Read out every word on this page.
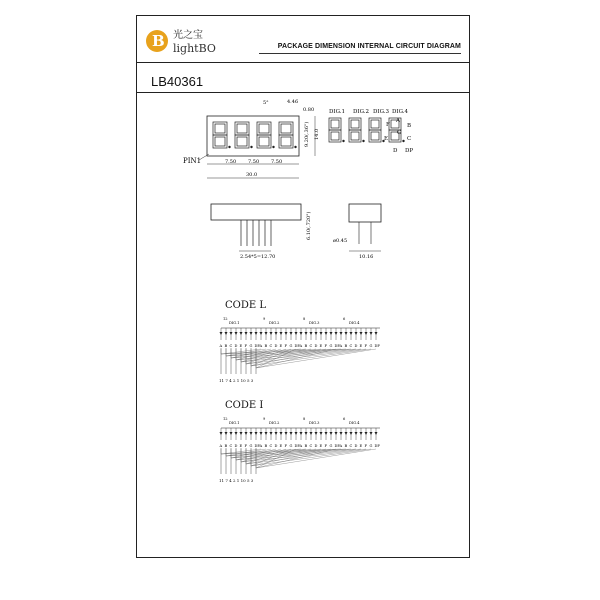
B 光之宝
lightBO	PACKAGE DIMENSION INTERNAL CIRCUIT DIAGRAM
LB40361
7.50 7.50 7.50
30.0
14.0
9.20(.36")
4.46
0.80
5°
PIN1
DIG.1 DIG.2 DIG.3 DIG.4
A
B
C
D
E
F
G
DP
2.54*5=12.70
6.10(.720")
10.16
ø0.45
CODE L
A B C D E F G DP A B C D E F G DP A B C D E F G DP A B C D E F G DP
DIG.1
12
DIG.2
9
DIG.3
8
DIG.4
6
11 7 4 2 1 10 5 3
CODE I
A B C D E F G DP A B C D E F G DP A B C D E F G DP A B C D E F G DP
DIG.1
12
DIG.2
9
DIG.3
8
DIG.4
6
11 7 4 2 1 10 5 3
